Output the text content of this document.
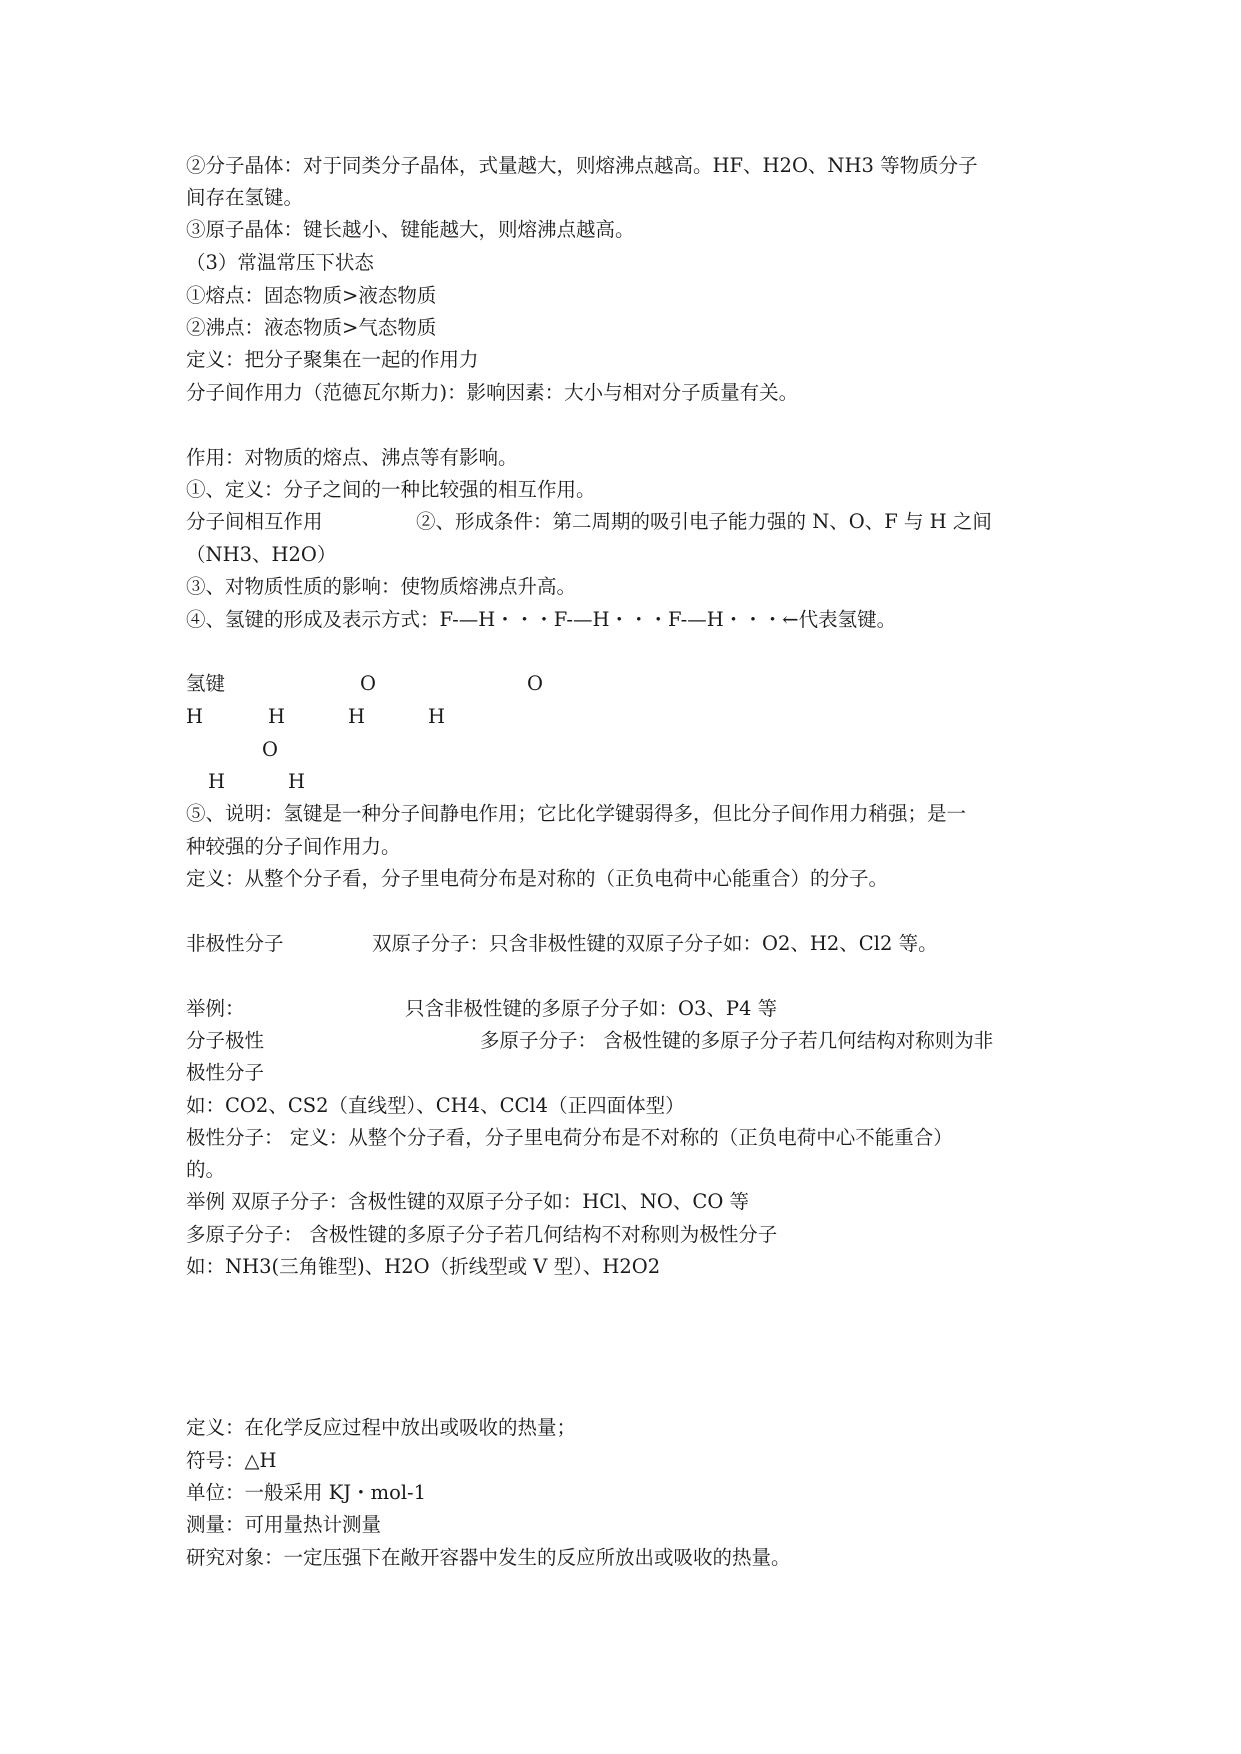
②分子晶体：对于同类分子晶体，式量越大，则熔沸点越高。HF、H2O、NH3 等物质分子
间存在氢键。
③原子晶体：键长越小、键能越大，则熔沸点越高。
（3）常温常压下状态
①熔点：固态物质>液态物质
②沸点：液态物质>气态物质
定义：把分子聚集在一起的作用力
分子间作用力（范德瓦尔斯力)：影响因素：大小与相对分子质量有关。
作用：对物质的熔点、沸点等有影响。
①、定义：分子之间的一种比较强的相互作用。
分子间相互作用	②、形成条件：第二周期的吸引电子能力强的 N、O、F 与 H 之间
（NH3、H2O）
③、对物质性质的影响：使物质熔沸点升高。
④、氢键的形成及表示方式：F-—H・・・F-—H・・・F-—H・・・←代表氢键。
氢键	O	O
H	H	H	H
O
H	H
⑤、说明：氢键是一种分子间静电作用；它比化学键弱得多，但比分子间作用力稍强；是一
种较强的分子间作用力。
定义：从整个分子看，分子里电荷分布是对称的（正负电荷中心能重合）的分子。
非极性分子	双原子分子：只含非极性键的双原子分子如：O2、H2、Cl2 等。
举例：	只含非极性键的多原子分子如：O3、P4 等
分子极性	多原子分子： 含极性键的多原子分子若几何结构对称则为非
极性分子
如：CO2、CS2（直线型）、CH4、CCl4（正四面体型）
极性分子： 定义：从整个分子看，分子里电荷分布是不对称的（正负电荷中心不能重合）
的。
举例 双原子分子：含极性键的双原子分子如：HCl、NO、CO 等
多原子分子： 含极性键的多原子分子若几何结构不对称则为极性分子
如：NH3(三角锥型)、H2O（折线型或 V 型）、H2O2
定义：在化学反应过程中放出或吸收的热量；
符号：△H
单位：一般采用 KJ・mol-1
测量：可用量热计测量
研究对象：一定压强下在敞开容器中发生的反应所放出或吸收的热量。
